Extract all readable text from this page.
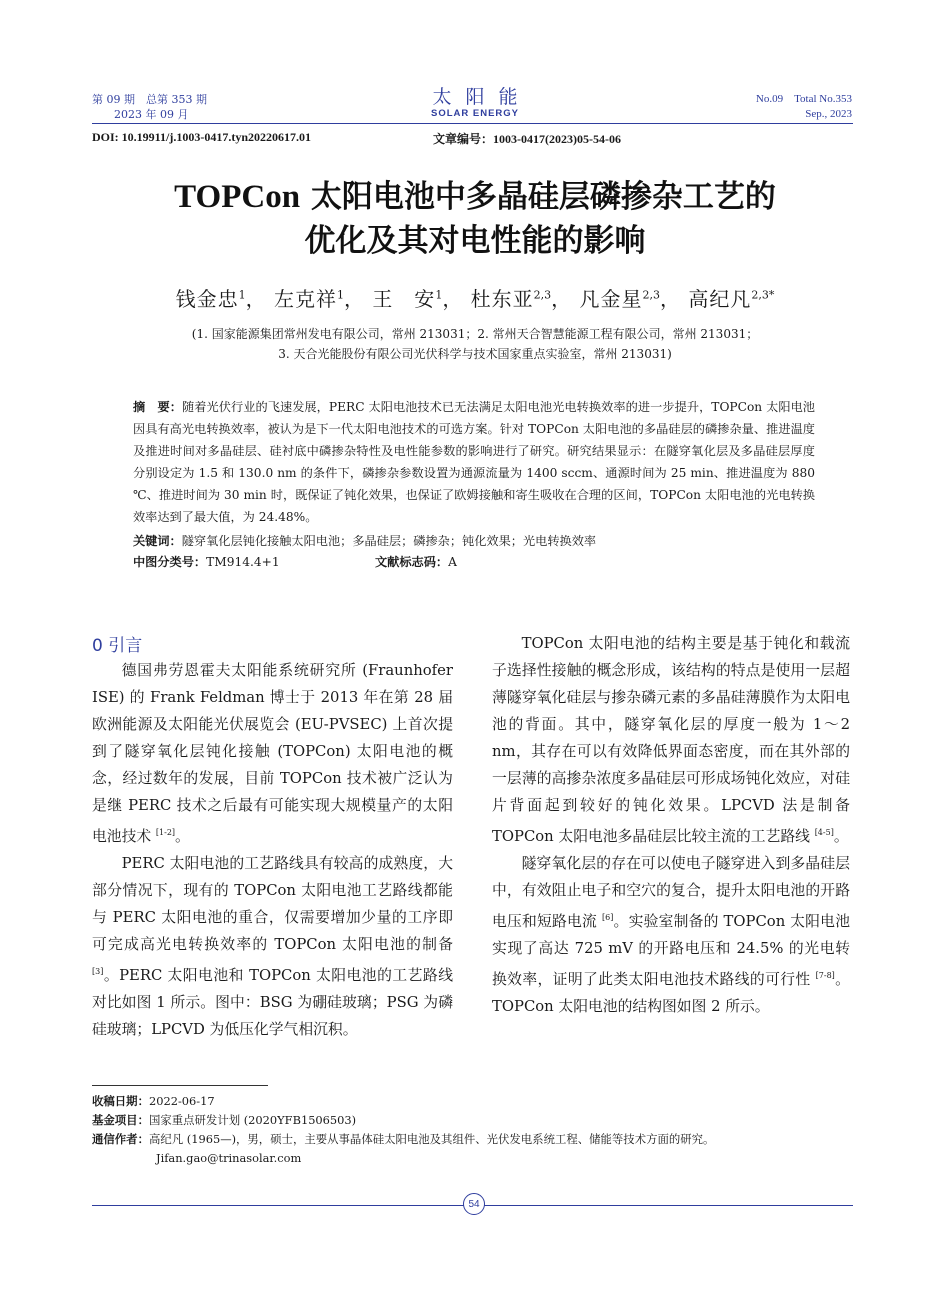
第 09 期　总第 353 期
2023 年 09 月
太阳能
SOLAR ENERGY
No.09　Total No.353
Sep., 2023
DOI: 10.19911/j.1003-0417.tyn20220617.01	文章编号：1003-0417(2023)05-54-06
TOPCon 太阳电池中多晶硅层磷掺杂工艺的
优化及其对电性能的影响
钱金忠$^1$， 左克祥$^1$， 王　安$^1$， 杜东亚$^{2,3}$， 凡金星$^{2,3}$， 高纪凡$^{2,3*}$
(1. 国家能源集团常州发电有限公司，常州 213031；2. 常州天合智慧能源工程有限公司，常州 213031；
3. 天合光能股份有限公司光伏科学与技术国家重点实验室，常州 213031)
摘　要：随着光伏行业的飞速发展，PERC 太阳电池技术已无法满足太阳电池光电转换效率的进一步提升，TOPCon 太阳电池因具有高光电转换效率，被认为是下一代太阳电池技术的可选方案。针对 TOPCon 太阳电池的多晶硅层的磷掺杂量、推进温度及推进时间对多晶硅层、硅衬底中磷掺杂特性及电性能参数的影响进行了研究。研究结果显示：在隧穿氧化层及多晶硅层厚度分别设定为 1.5 和 130.0 nm 的条件下，磷掺杂参数设置为通源流量为 1400 sccm、通源时间为 25 min、推进温度为 880 ℃、推进时间为 30 min 时，既保证了钝化效果，也保证了欧姆接触和寄生吸收在合理的区间，TOPCon 太阳电池的光电转换效率达到了最大值，为 24.48%。
关键词：隧穿氧化层钝化接触太阳电池；多晶硅层；磷掺杂；钝化效果；光电转换效率
中图分类号：TM914.4+1	文献标志码：A
0 引言

德国弗劳恩霍夫太阳能系统研究所 (Fraunhofer ISE) 的 Frank Feldman 博士于 2013 年在第 28 届欧洲能源及太阳能光伏展览会 (EU-PVSEC) 上首次提到了隧穿氧化层钝化接触 (TOPCon) 太阳电池的概念，经过数年的发展，目前 TOPCon 技术被广泛认为是继 PERC 技术之后最有可能实现大规模量产的太阳电池技术 [1-2]。

PERC 太阳电池的工艺路线具有较高的成熟度，大部分情况下，现有的 TOPCon 太阳电池工艺路线都能与 PERC 太阳电池的重合，仅需要增加少量的工序即可完成高光电转换效率的 TOPCon 太阳电池的制备 [3]。PERC 太阳电池和 TOPCon 太阳电池的工艺路线对比如图 1 所示。图中：BSG 为硼硅玻璃；PSG 为磷硅玻璃；LPCVD 为低压化学气相沉积。

TOPCon 太阳电池的结构主要是基于钝化和载流子选择性接触的概念形成，该结构的特点是使用一层超薄隧穿氧化硅层与掺杂磷元素的多晶硅薄膜作为太阳电池的背面。其中，隧穿氧化层的厚度一般为 1～2 nm，其存在可以有效降低界面态密度，而在其外部的一层薄的高掺杂浓度多晶硅层可形成场钝化效应，对硅片背面起到较好的钝化效果。LPCVD 法是制备 TOPCon 太阳电池多晶硅层比较主流的工艺路线 [4-5]。

隧穿氧化层的存在可以使电子隧穿进入到多晶硅层中，有效阻止电子和空穴的复合，提升太阳电池的开路电压和短路电流 [6]。实验室制备的 TOPCon 太阳电池实现了高达 725 mV 的开路电压和 24.5% 的光电转换效率，证明了此类太阳电池技术路线的可行性 [7-8]。TOPCon 太阳电池的结构图如图 2 所示。

收稿日期：2022-06-17
基金项目：国家重点研发计划 (2020YFB1506503)
通信作者：高纪凡 (1965—)，男，硕士，主要从事晶体硅太阳电池及其组件、光伏发电系统工程、储能等技术方面的研究。
Jifan.gao@trinasolar.com
54
